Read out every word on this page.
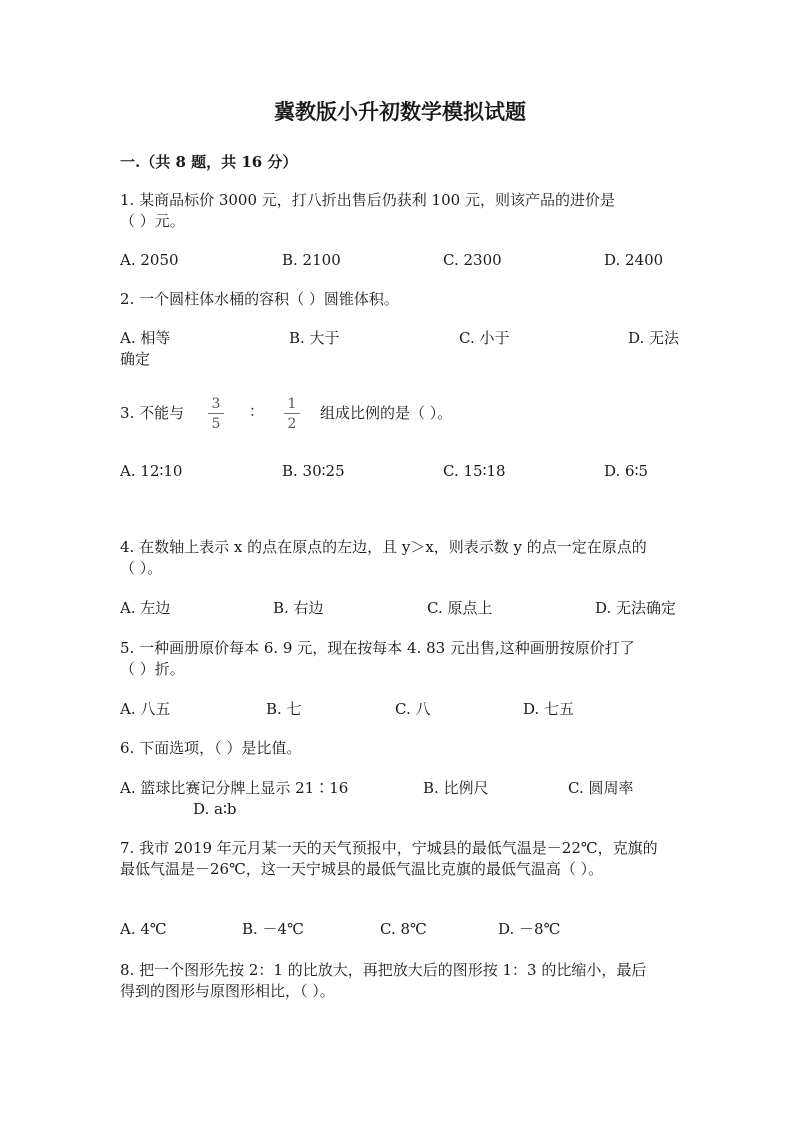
冀教版小升初数学模拟试题
一.（共 8 题，共 16 分）
1. 某商品标价 3000 元，打八折出售后仍获利 100 元，则该产品的进价是
（ ）元。
A. 2050	B. 2100	C. 2300	D. 2400
2. 一个圆柱体水桶的容积（ ）圆锥体积。
A. 相等	B. 大于	C. 小于	D. 无法
确定
3. 不能与 3
5
： 1
2
组成比例的是（ ）。
A. 12∶10	B. 30∶25	C. 15∶18	D. 6∶5
4. 在数轴上表示 x 的点在原点的左边，且 y＞x，则表示数 y 的点一定在原点的
（ ）。
A. 左边	B. 右边	C. 原点上	D. 无法确定
5. 一种画册原价每本 6. 9 元，现在按每本 4. 83 元出售,这种画册按原价打了
（ ）折。
A. 八五	B. 七	C. 八	D. 七五
6. 下面选项，（ ）是比值。
A. 篮球比赛记分牌上显示 21∶16	B. 比例尺	C. 圆周率
D. a∶b
7. 我市 2019 年元月某一天的天气预报中，宁城县的最低气温是－22℃，克旗的
最低气温是－26℃，这一天宁城县的最低气温比克旗的最低气温高（ ）。
A. 4℃	B. －4℃	C. 8℃	D. －8℃
8. 把一个图形先按 2：1 的比放大，再把放大后的图形按 1：3 的比缩小，最后
得到的图形与原图形相比，（ ）。
